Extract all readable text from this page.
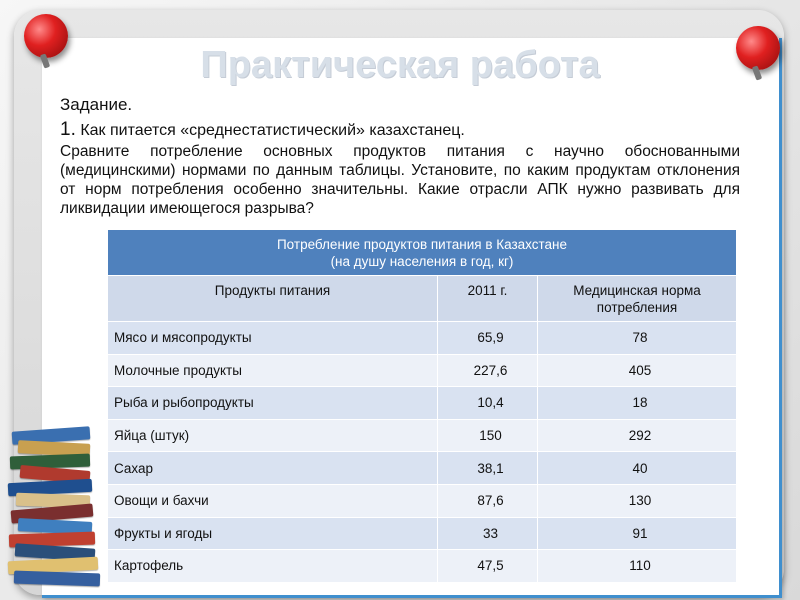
Практическая работа
Задание.
1. Как питается «среднестатистический» казахстанец.
Сравните потребление основных продуктов питания с научно обоснованными (медицинскими) нормами по данным таблицы. Установите, по каким продуктам отклонения от норм потребления особенно значительны. Какие отрасли АПК нужно развивать для ликвидации имеющегося разрыва?
Потребление продуктов питания в Казахстане
(на душу населения в год, кг)		
Продукты питания	2011 г.	Медицинская норма потребления
Мясо и мясопродукты	65,9	78
Молочные продукты	227,6	405
Рыба и рыбопродукты	10,4	18
Яйца (штук)	150	292
Сахар	38,1	40
Овощи и бахчи	87,6	130
Фрукты и ягоды	33	91
Картофель	47,5	110
